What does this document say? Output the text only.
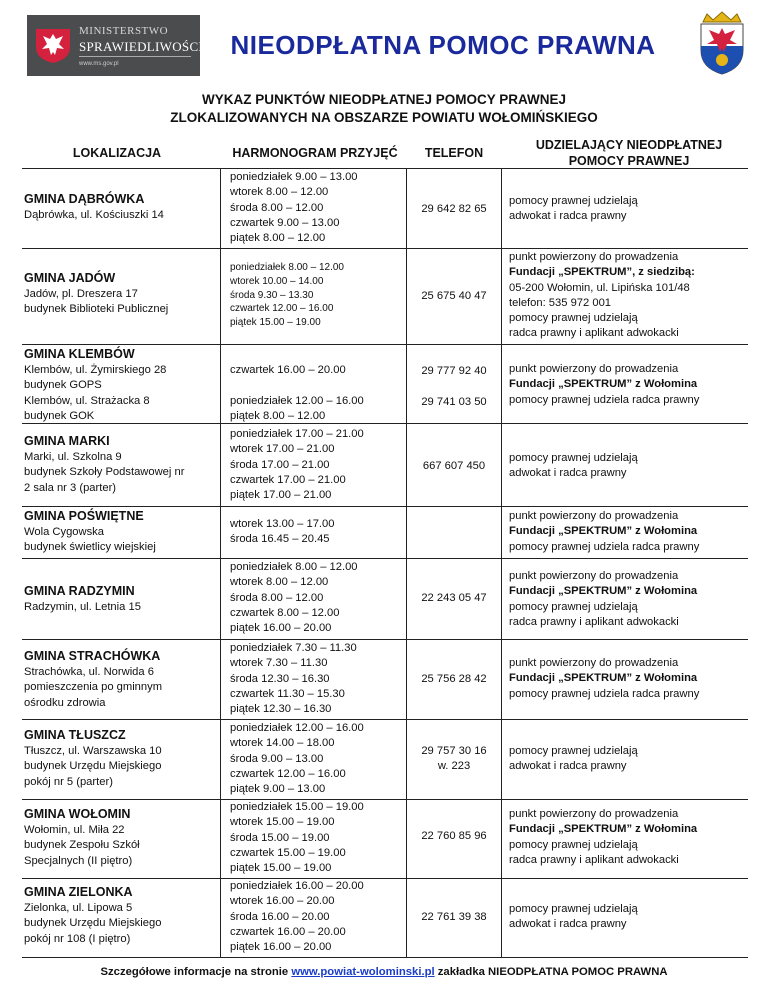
MINISTERSTWO
SPRAWIEDLIWOŚCI
www.ms.gov.pl
NIEODPŁATNA POMOC PRAWNA
WYKAZ PUNKTÓW NIEODPŁATNEJ POMOCY PRAWNEJ
ZLOKALIZOWANYCH NA OBSZARZE POWIATU WOŁOMIŃSKIEGO
LOKALIZACJA	HARMONOGRAM PRZYJĘĆ	TELEFON
UDZIELAJĄCY NIEODPŁATNEJ
POMOCY PRAWNEJ
GMINA DĄBRÓWKA
Dąbrówka, ul. Kościuszki 14
poniedziałek 9.00 – 13.00
wtorek 8.00 – 12.00
środa 8.00 – 12.00
czwartek 9.00 – 13.00
piątek 8.00 – 12.00
29 642 82 65
pomocy prawnej udzielają
adwokat i radca prawny
GMINA JADÓW
Jadów, pl. Dreszera 17
budynek Biblioteki Publicznej
poniedziałek 8.00 – 12.00
wtorek 10.00 – 14.00
środa 9.30 – 13.30
czwartek 12.00 – 16.00
piątek 15.00 – 19.00
25 675 40 47
punkt powierzony do prowadzenia
Fundacji „SPEKTRUM”, z siedzibą:
05-200 Wołomin, ul. Lipińska 101/48
telefon: 535 972 001
pomocy prawnej udzielają
radca prawny i aplikant adwokacki
GMINA KLEMBÓW
Klembów, ul. Żymirskiego 28
budynek GOPS
Klembów, ul. Strażacka 8
budynek GOK
czwartek 16.00 – 20.00
poniedziałek 12.00 – 16.00
piątek 8.00 – 12.00
29 777 92 40
29 741 03 50
punkt powierzony do prowadzenia
Fundacji „SPEKTRUM” z Wołomina
pomocy prawnej udziela radca prawny
GMINA MARKI
Marki, ul. Szkolna 9
budynek Szkoły Podstawowej nr
2 sala nr 3 (parter)
poniedziałek 17.00 – 21.00
wtorek 17.00 – 21.00
środa 17.00 – 21.00
czwartek 17.00 – 21.00
piątek 17.00 – 21.00
667 607 450
pomocy prawnej udzielają
adwokat i radca prawny
GMINA POŚWIĘTNE
Wola Cygowska
budynek świetlicy wiejskiej
wtorek 13.00 – 17.00
środa 16.45 – 20.45
punkt powierzony do prowadzenia
Fundacji „SPEKTRUM” z Wołomina
pomocy prawnej udziela radca prawny
GMINA RADZYMIN
Radzymin, ul. Letnia 15
poniedziałek 8.00 – 12.00
wtorek 8.00 – 12.00
środa 8.00 – 12.00
czwartek 8.00 – 12.00
piątek 16.00 – 20.00
22 243 05 47
punkt powierzony do prowadzenia
Fundacji „SPEKTRUM” z Wołomina
pomocy prawnej udzielają
radca prawny i aplikant adwokacki
GMINA STRACHÓWKA
Strachówka, ul. Norwida 6
pomieszczenia po gminnym
ośrodku zdrowia
poniedziałek 7.30 – 11.30
wtorek 7.30 – 11.30
środa 12.30 – 16.30
czwartek 11.30 – 15.30
piątek 12.30 – 16.30
25 756 28 42
punkt powierzony do prowadzenia
Fundacji „SPEKTRUM” z Wołomina
pomocy prawnej udziela radca prawny
GMINA TŁUSZCZ
Tłuszcz, ul. Warszawska 10
budynek Urzędu Miejskiego
pokój nr 5 (parter)
poniedziałek 12.00 – 16.00
wtorek 14.00 – 18.00
środa 9.00 – 13.00
czwartek 12.00 – 16.00
piątek 9.00 – 13.00
29 757 30 16
w. 223
pomocy prawnej udzielają
adwokat i radca prawny
GMINA WOŁOMIN
Wołomin, ul. Miła 22
budynek Zespołu Szkół
Specjalnych (II piętro)
poniedziałek 15.00 – 19.00
wtorek 15.00 – 19.00
środa 15.00 – 19.00
czwartek 15.00 – 19.00
piątek 15.00 – 19.00
22 760 85 96
punkt powierzony do prowadzenia
Fundacji „SPEKTRUM” z Wołomina
pomocy prawnej udzielają
radca prawny i aplikant adwokacki
GMINA ZIELONKA
Zielonka, ul. Lipowa 5
budynek Urzędu Miejskiego
pokój nr 108 (I piętro)
poniedziałek 16.00 – 20.00
wtorek 16.00 – 20.00
środa 16.00 – 20.00
czwartek 16.00 – 20.00
piątek 16.00 – 20.00
22 761 39 38
pomocy prawnej udzielają
adwokat i radca prawny
Szczegółowe informacje na stronie www.powiat-wolominski.pl zakładka NIEODPŁATNA POMOC PRAWNA
